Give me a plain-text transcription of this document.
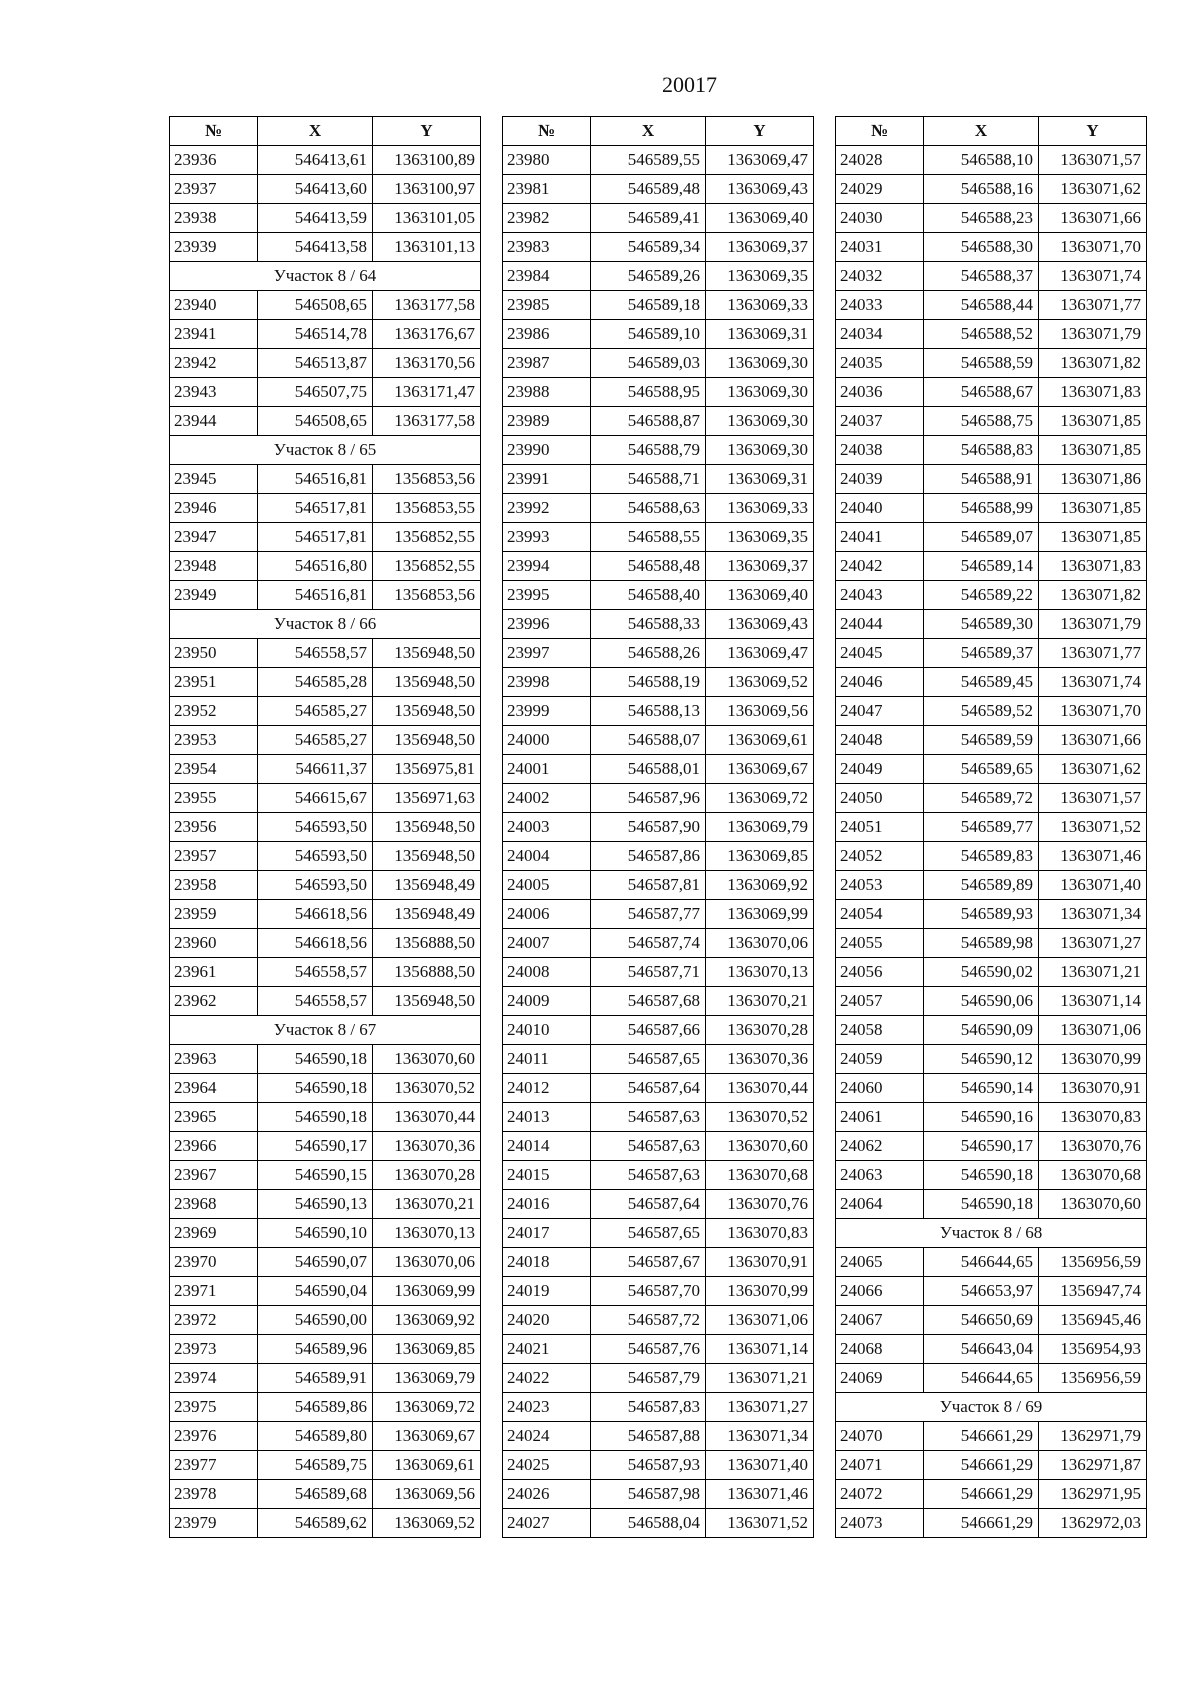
20017
№	X	Y
23936	546413,61	1363100,89
23937	546413,60	1363100,97
23938	546413,59	1363101,05
23939	546413,58	1363101,13
Участок 8 / 64		
23940	546508,65	1363177,58
23941	546514,78	1363176,67
23942	546513,87	1363170,56
23943	546507,75	1363171,47
23944	546508,65	1363177,58
Участок 8 / 65		
23945	546516,81	1356853,56
23946	546517,81	1356853,55
23947	546517,81	1356852,55
23948	546516,80	1356852,55
23949	546516,81	1356853,56
Участок 8 / 66		
23950	546558,57	1356948,50
23951	546585,28	1356948,50
23952	546585,27	1356948,50
23953	546585,27	1356948,50
23954	546611,37	1356975,81
23955	546615,67	1356971,63
23956	546593,50	1356948,50
23957	546593,50	1356948,50
23958	546593,50	1356948,49
23959	546618,56	1356948,49
23960	546618,56	1356888,50
23961	546558,57	1356888,50
23962	546558,57	1356948,50
Участок 8 / 67		
23963	546590,18	1363070,60
23964	546590,18	1363070,52
23965	546590,18	1363070,44
23966	546590,17	1363070,36
23967	546590,15	1363070,28
23968	546590,13	1363070,21
23969	546590,10	1363070,13
23970	546590,07	1363070,06
23971	546590,04	1363069,99
23972	546590,00	1363069,92
23973	546589,96	1363069,85
23974	546589,91	1363069,79
23975	546589,86	1363069,72
23976	546589,80	1363069,67
23977	546589,75	1363069,61
23978	546589,68	1363069,56
23979	546589,62	1363069,52
№	X	Y
23980	546589,55	1363069,47
23981	546589,48	1363069,43
23982	546589,41	1363069,40
23983	546589,34	1363069,37
23984	546589,26	1363069,35
23985	546589,18	1363069,33
23986	546589,10	1363069,31
23987	546589,03	1363069,30
23988	546588,95	1363069,30
23989	546588,87	1363069,30
23990	546588,79	1363069,30
23991	546588,71	1363069,31
23992	546588,63	1363069,33
23993	546588,55	1363069,35
23994	546588,48	1363069,37
23995	546588,40	1363069,40
23996	546588,33	1363069,43
23997	546588,26	1363069,47
23998	546588,19	1363069,52
23999	546588,13	1363069,56
24000	546588,07	1363069,61
24001	546588,01	1363069,67
24002	546587,96	1363069,72
24003	546587,90	1363069,79
24004	546587,86	1363069,85
24005	546587,81	1363069,92
24006	546587,77	1363069,99
24007	546587,74	1363070,06
24008	546587,71	1363070,13
24009	546587,68	1363070,21
24010	546587,66	1363070,28
24011	546587,65	1363070,36
24012	546587,64	1363070,44
24013	546587,63	1363070,52
24014	546587,63	1363070,60
24015	546587,63	1363070,68
24016	546587,64	1363070,76
24017	546587,65	1363070,83
24018	546587,67	1363070,91
24019	546587,70	1363070,99
24020	546587,72	1363071,06
24021	546587,76	1363071,14
24022	546587,79	1363071,21
24023	546587,83	1363071,27
24024	546587,88	1363071,34
24025	546587,93	1363071,40
24026	546587,98	1363071,46
24027	546588,04	1363071,52
№	X	Y
24028	546588,10	1363071,57
24029	546588,16	1363071,62
24030	546588,23	1363071,66
24031	546588,30	1363071,70
24032	546588,37	1363071,74
24033	546588,44	1363071,77
24034	546588,52	1363071,79
24035	546588,59	1363071,82
24036	546588,67	1363071,83
24037	546588,75	1363071,85
24038	546588,83	1363071,85
24039	546588,91	1363071,86
24040	546588,99	1363071,85
24041	546589,07	1363071,85
24042	546589,14	1363071,83
24043	546589,22	1363071,82
24044	546589,30	1363071,79
24045	546589,37	1363071,77
24046	546589,45	1363071,74
24047	546589,52	1363071,70
24048	546589,59	1363071,66
24049	546589,65	1363071,62
24050	546589,72	1363071,57
24051	546589,77	1363071,52
24052	546589,83	1363071,46
24053	546589,89	1363071,40
24054	546589,93	1363071,34
24055	546589,98	1363071,27
24056	546590,02	1363071,21
24057	546590,06	1363071,14
24058	546590,09	1363071,06
24059	546590,12	1363070,99
24060	546590,14	1363070,91
24061	546590,16	1363070,83
24062	546590,17	1363070,76
24063	546590,18	1363070,68
24064	546590,18	1363070,60
Участок 8 / 68		
24065	546644,65	1356956,59
24066	546653,97	1356947,74
24067	546650,69	1356945,46
24068	546643,04	1356954,93
24069	546644,65	1356956,59
Участок 8 / 69		
24070	546661,29	1362971,79
24071	546661,29	1362971,87
24072	546661,29	1362971,95
24073	546661,29	1362972,03
